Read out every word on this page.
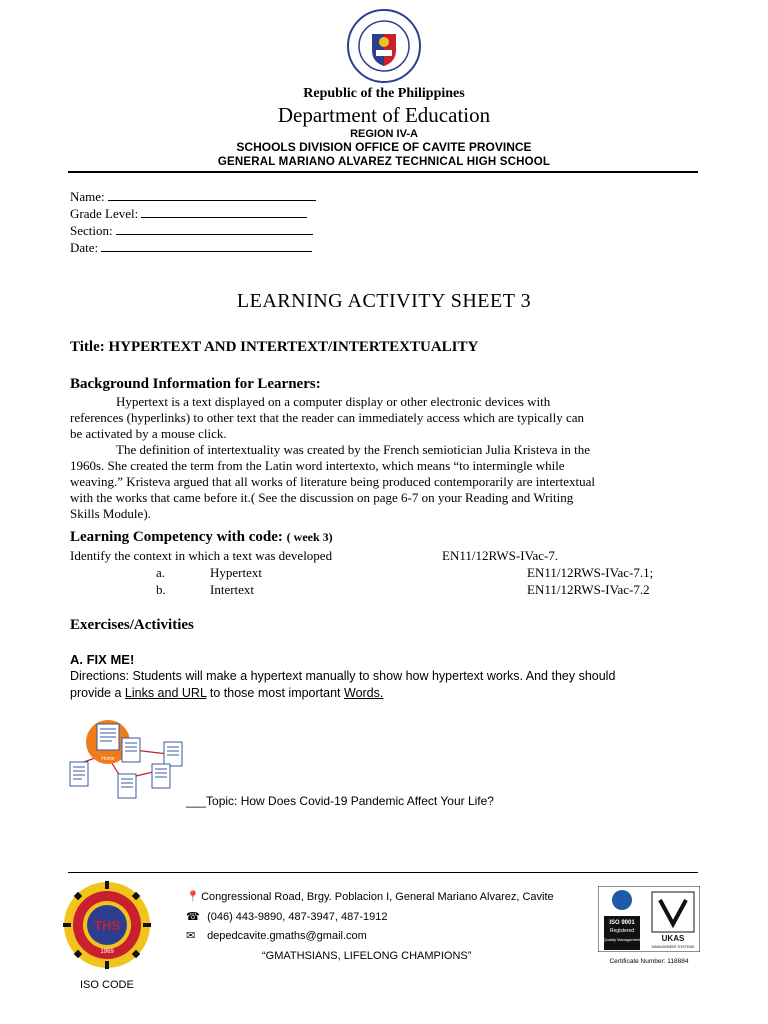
Republic of the Philippines
Department of Education
REGION IV-A
SCHOOLS DIVISION OFFICE OF CAVITE PROVINCE
GENERAL MARIANO ALVAREZ TECHNICAL HIGH SCHOOL
Name:
Grade Level:
Section:
Date:
LEARNING ACTIVITY SHEET 3
Title: HYPERTEXT AND INTERTEXT/INTERTEXTUALITY
Background Information for Learners:
Hypertext is a text displayed on a computer display or other electronic devices with
references (hyperlinks) to other text that the reader can immediately access which are typically can
be activated by a mouse click.
The definition of intertextuality was created by the French semiotician Julia Kristeva in the
1960s. She created the term from the Latin word intertexto, which means “to intermingle while
weaving.” Kristeva argued that all works of literature being produced contemporarily are intertextual
with the works that came before it.( See the discussion on page 6-7 on your Reading and Writing
Skills Module).
Learning Competency with code: ( week 3)
Identify the context in which a text was developed	EN11/12RWS-IVac-7.
a.	Hypertext	EN11/12RWS-IVac-7.1;
b.	Intertext	EN11/12RWS-IVac-7.2
Exercises/Activities
A. FIX ME!
Directions: Students will make a hypertext manually to show how hypertext works. And they should
provide a Links and URL to those most important Words.
Home
___Topic: How Does Covid-19 Pandemic Affect Your Life?
THS
1969
📍 Congressional Road, Brgy. Poblacion I, General Mariano Alvarez, Cavite
☎ (046) 443-9890, 487-3947, 487-1912
✉ depedcavite.gmaths@gmail.com
“GMATHSIANS, LIFELONG CHAMPIONS”
ISO 9001
Registered
Quality Management	UKAS
MANAGEMENT SYSTEMS
Certificate Number: 118884
ISO CODE
